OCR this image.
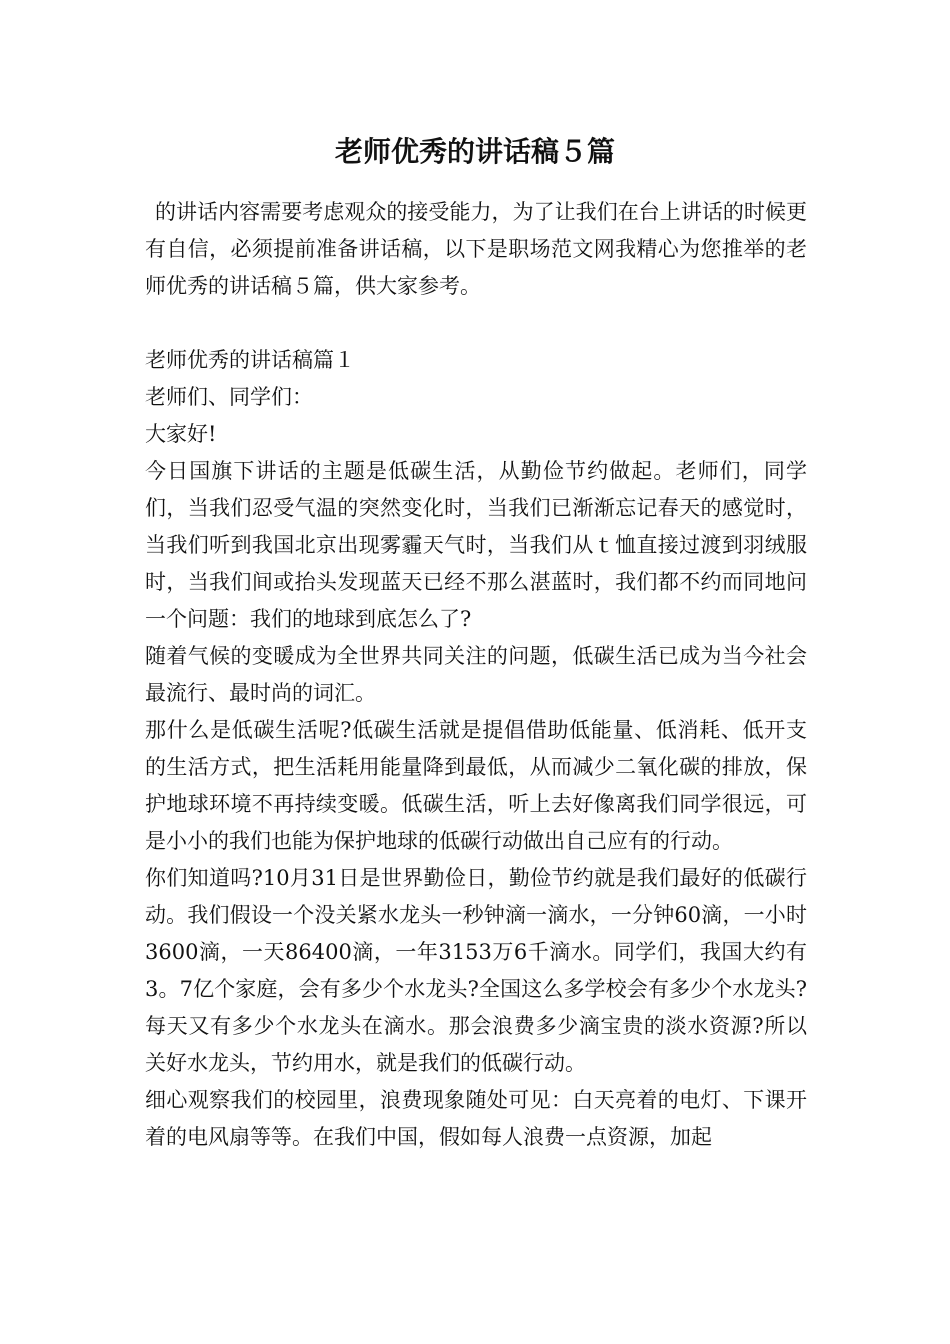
老师优秀的讲话稿５篇

的讲话内容需要考虑观众的接受能力，为了让我们在台上讲话的时候更有自信，必须提前准备讲话稿，以下是职场范文网我精心为您推举的老师优秀的讲话稿５篇，供大家参考。

老师优秀的讲话稿篇１

老师们、同学们：

大家好!

今日国旗下讲话的主题是低碳生活，从勤俭节约做起。老师们，同学们，当我们忍受气温的突然变化时，当我们已渐渐忘记春天的感觉时，当我们听到我国北京出现雾霾天气时，当我们从ｔ恤直接过渡到羽绒服时，当我们间或抬头发现蓝天已经不那么湛蓝时，我们都不约而同地问一个问题：我们的地球到底怎么了?

随着气候的变暖成为全世界共同关注的问题，低碳生活已成为当今社会最流行、最时尚的词汇。

那什么是低碳生活呢?低碳生活就是提倡借助低能量、低消耗、低开支的生活方式，把生活耗用能量降到最低，从而减少二氧化碳的排放，保护地球环境不再持续变暖。低碳生活，听上去好像离我们同学很远，可是小小的我们也能为保护地球的低碳行动做出自己应有的行动。

你们知道吗?10月31日是世界勤俭日，勤俭节约就是我们最好的低碳行动。我们假设一个没关紧水龙头一秒钟滴一滴水，一分钟60滴，一小时3600滴，一天86400滴，一年3153万6千滴水。同学们，我国大约有3。7亿个家庭，会有多少个水龙头?全国这么多学校会有多少个水龙头?每天又有多少个水龙头在滴水。那会浪费多少滴宝贵的淡水资源?所以关好水龙头，节约用水，就是我们的低碳行动。

细心观察我们的校园里，浪费现象随处可见：白天亮着的电灯、下课开着的电风扇等等。在我们中国，假如每人浪费一点资源，加起
